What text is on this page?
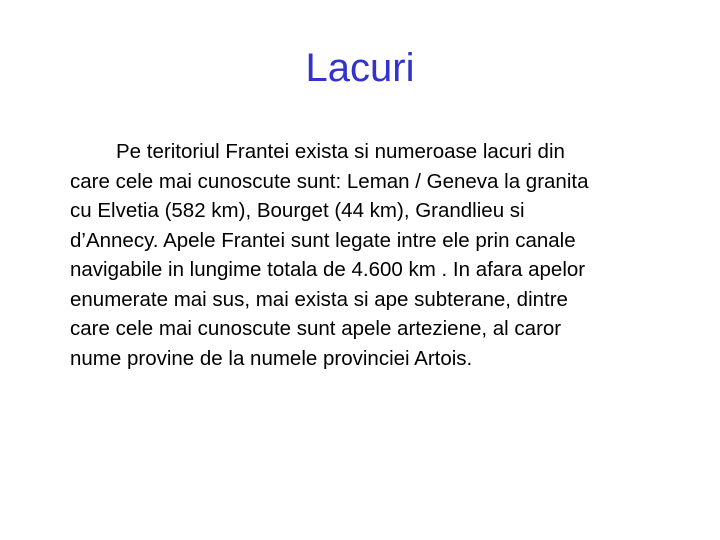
Lacuri
Pe teritoriul Frantei exista si numeroase lacuri din
care cele mai cunoscute sunt: Leman / Geneva la granita
cu Elvetia (582 km), Bourget (44 km), Grandlieu si
d’Annecy. Apele Frantei sunt legate intre ele prin canale
navigabile in lungime totala de 4.600 km . In afara apelor
enumerate mai sus, mai exista si ape subterane, dintre
care cele mai cunoscute sunt apele arteziene, al caror
nume provine de la numele provinciei Artois.
